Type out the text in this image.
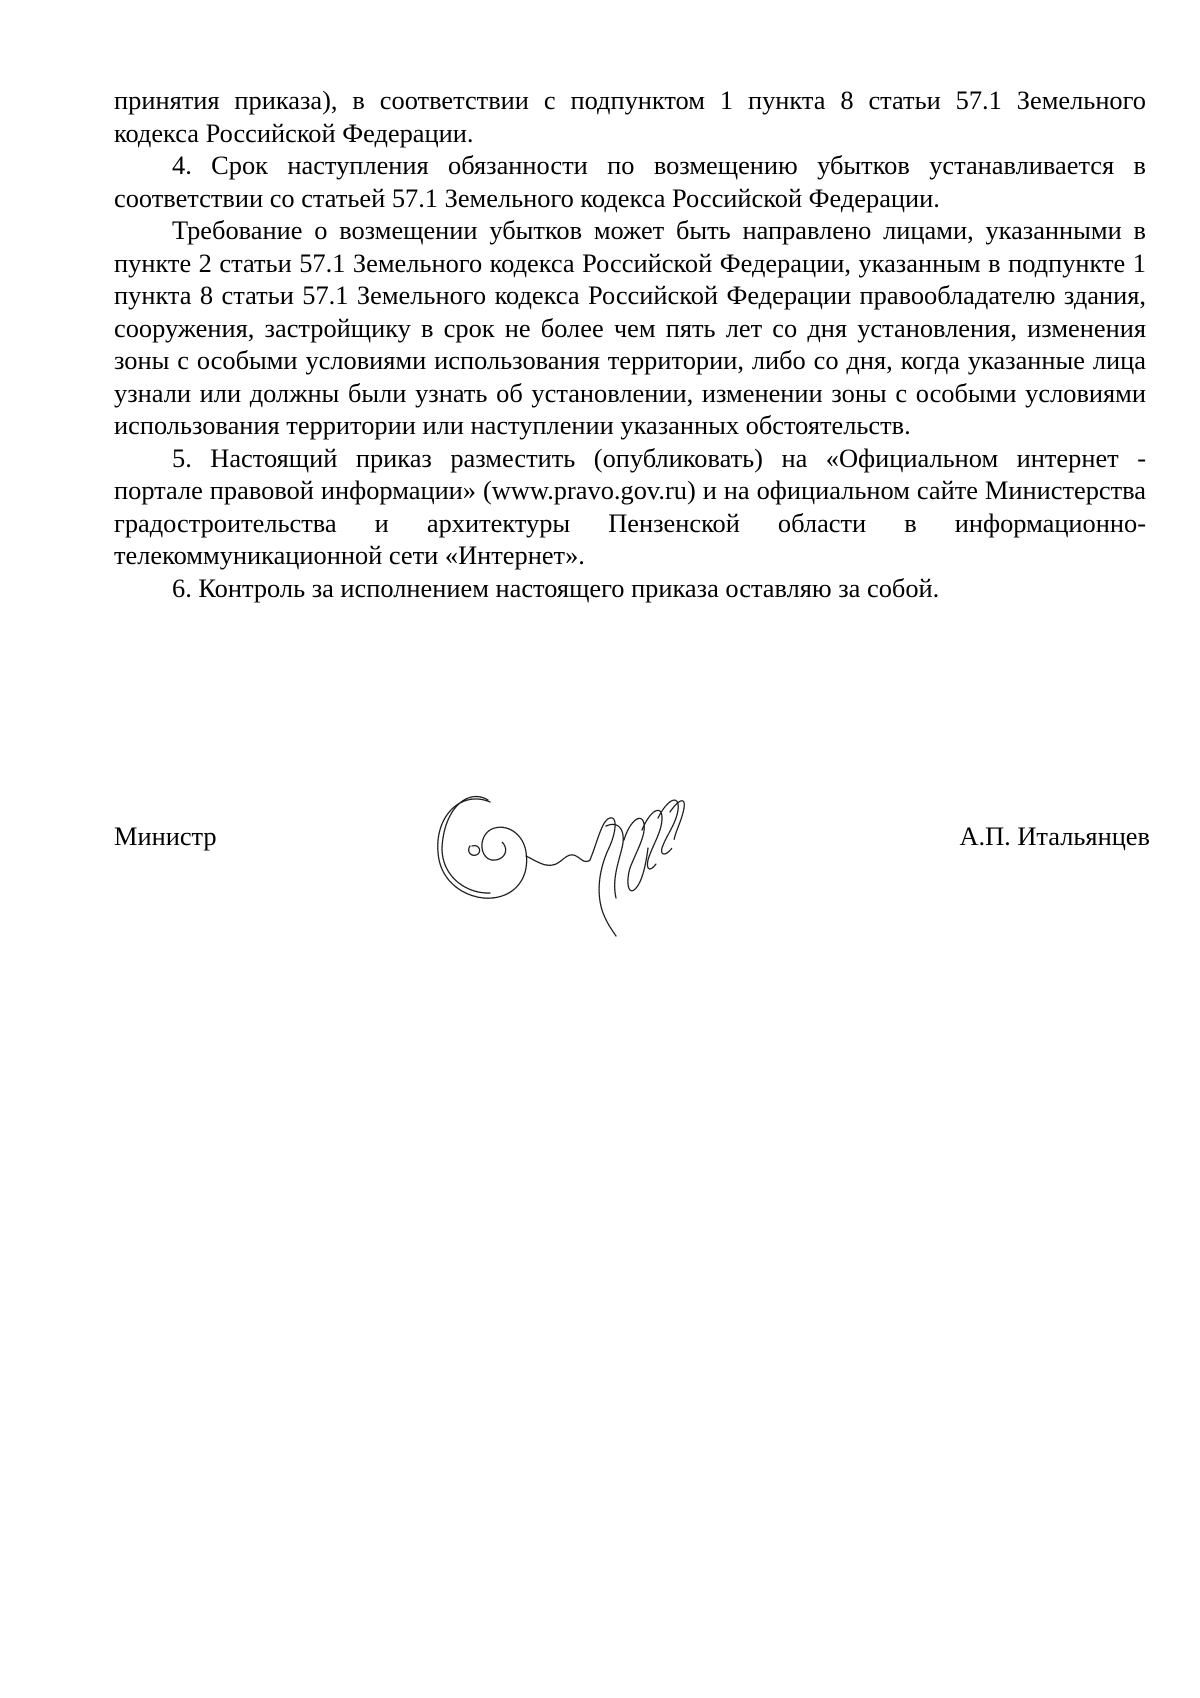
принятия приказа), в соответствии с подпунктом 1 пункта 8 статьи 57.1 Земельного кодекса Российской Федерации.

4. Срок наступления обязанности по возмещению убытков устанавливается в соответствии со статьей 57.1 Земельного кодекса Российской Федерации.

Требование о возмещении убытков может быть направлено лицами, указанными в пункте 2 статьи 57.1 Земельного кодекса Российской Федерации, указанным в подпункте 1 пункта 8 статьи 57.1 Земельного кодекса Российской Федерации правообладателю здания, сооружения, застройщику в срок не более чем пять лет со дня установления, изменения зоны с особыми условиями использования территории, либо со дня, когда указанные лица узнали или должны были узнать об установлении, изменении зоны с особыми условиями использования территории или наступлении указанных обстоятельств.

5. Настоящий приказ разместить (опубликовать) на «Официальном интернет - портале правовой информации» (www.pravo.gov.ru) и на официальном сайте Министерства градостроительства и архитектуры Пензенской области в информационно-телекоммуникационной сети «Интернет».

6. Контроль за исполнением настоящего приказа оставляю за собой.

Министр	А.П. Итальянцев
